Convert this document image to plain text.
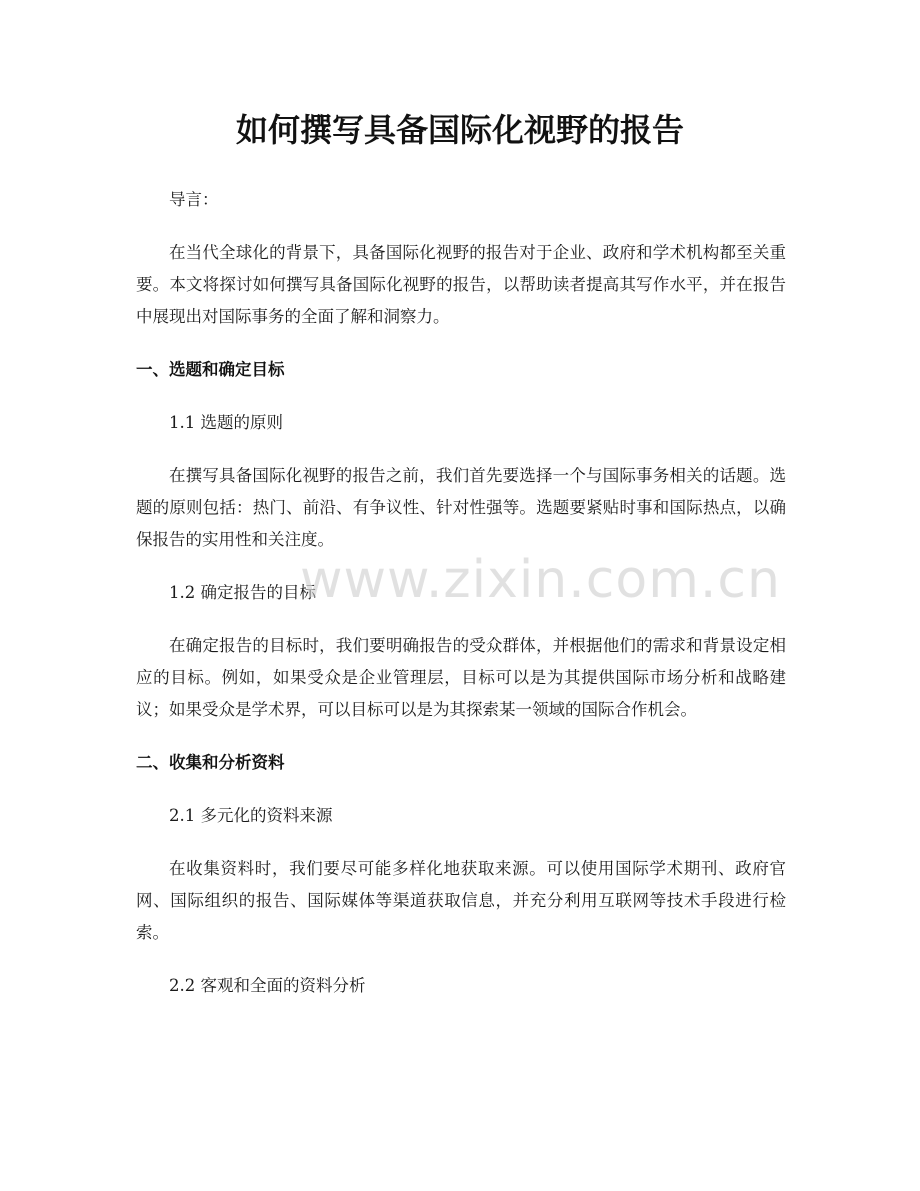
如何撰写具备国际化视野的报告

导言：

在当代全球化的背景下，具备国际化视野的报告对于企业、政府和学术机构都至关重要。本文将探讨如何撰写具备国际化视野的报告，以帮助读者提高其写作水平，并在报告中展现出对国际事务的全面了解和洞察力。

一、选题和确定目标

1.1 选题的原则

在撰写具备国际化视野的报告之前，我们首先要选择一个与国际事务相关的话题。选题的原则包括：热门、前沿、有争议性、针对性强等。选题要紧贴时事和国际热点，以确保报告的实用性和关注度。

1.2 确定报告的目标

在确定报告的目标时，我们要明确报告的受众群体，并根据他们的需求和背景设定相应的目标。例如，如果受众是企业管理层，目标可以是为其提供国际市场分析和战略建议；如果受众是学术界，可以目标可以是为其探索某一领域的国际合作机会。

二、收集和分析资料

2.1 多元化的资料来源

在收集资料时，我们要尽可能多样化地获取来源。可以使用国际学术期刊、政府官网、国际组织的报告、国际媒体等渠道获取信息，并充分利用互联网等技术手段进行检索。

2.2 客观和全面的资料分析

www.zixin.com.cn
